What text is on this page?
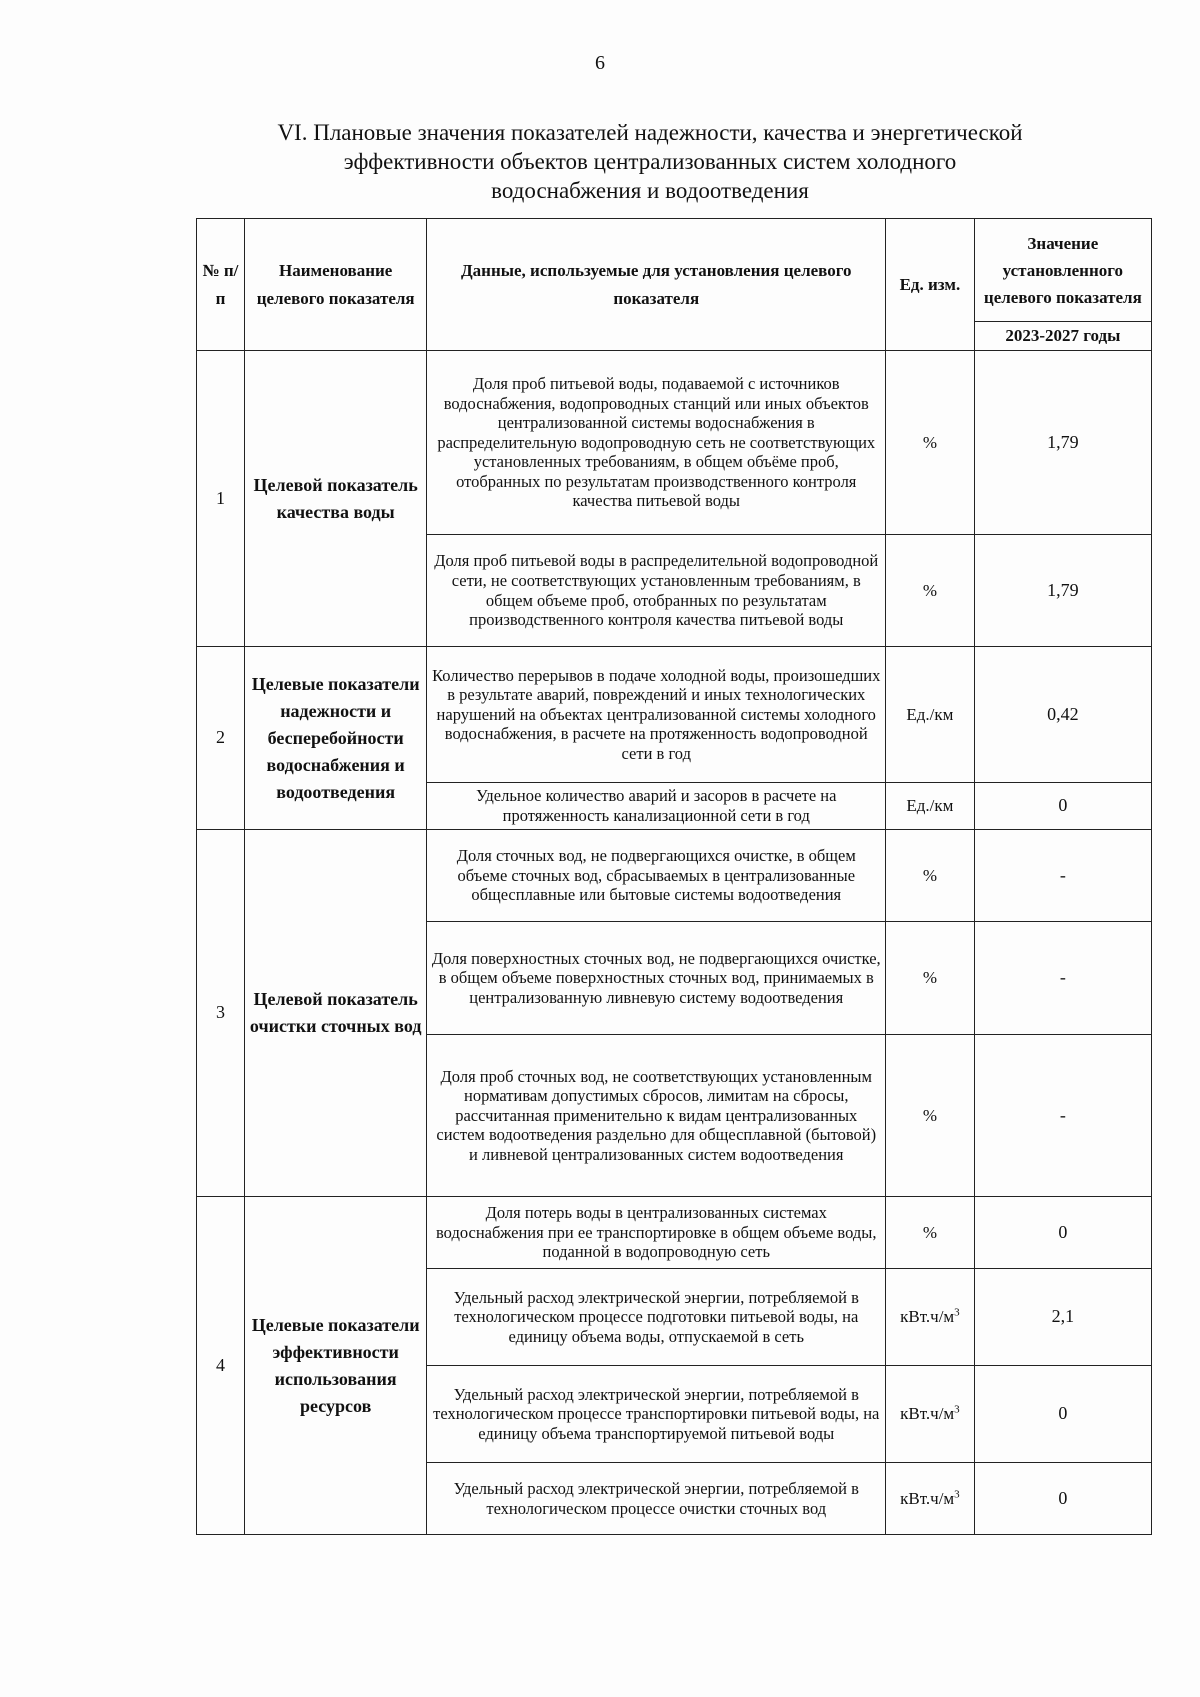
6
VI. Плановые значения показателей надежности, качества и энергетической
эффективности объектов централизованных систем холодного
водоснабжения и водоотведения
№ п/п	Наименование целевого показателя	Данные, используемые для установления целевого показателя	Ед. изм.	Значение установленного целевого показателя
				2023-2027 годы
1	Целевой показатель качества воды	Доля проб питьевой воды, подаваемой с источников водоснабжения, водопроводных станций или иных объектов централизованной системы водоснабжения в распределительную водопроводную сеть не соответствующих установленных требованиям, в общем объёме проб, отобранных по результатам производственного контроля качества питьевой воды	%	1,79
		Доля проб питьевой воды в распределительной водопроводной сети, не соответствующих установленным требованиям, в общем объеме проб, отобранных по результатам производственного контроля качества питьевой воды	%	1,79
2	Целевые показатели надежности и бесперебойности водоснабжения и водоотведения	Количество перерывов в подаче холодной воды, произошедших в результате аварий, повреждений и иных технологических нарушений на объектах централизованной системы холодного водоснабжения, в расчете на протяженность водопроводной сети в год	Ед./км	0,42
		Удельное количество аварий и засоров в расчете на протяженность канализационной сети в год	Ед./км	0
3	Целевой показатель очистки сточных вод	Доля сточных вод, не подвергающихся очистке, в общем объеме сточных вод, сбрасываемых в централизованные общесплавные или бытовые системы водоотведения	%	-
		Доля поверхностных сточных вод, не подвергающихся очистке, в общем объеме поверхностных сточных вод, принимаемых в централизованную ливневую систему водоотведения	%	-
		Доля проб сточных вод, не соответствующих установленным нормативам допустимых сбросов, лимитам на сбросы, рассчитанная применительно к видам централизованных систем водоотведения раздельно для общесплавной (бытовой) и ливневой централизованных систем водоотведения	%	-
4	Целевые показатели эффективности использования ресурсов	Доля потерь воды в централизованных системах водоснабжения при ее транспортировке в общем объеме воды, поданной в водопроводную сеть	%	0
		Удельный расход электрической энергии, потребляемой в технологическом процессе подготовки питьевой воды, на единицу объема воды, отпускаемой в сеть	$кВт.ч/м^3$	2,1
		Удельный расход электрической энергии, потребляемой в технологическом процессе транспортировки питьевой воды, на единицу объема транспортируемой питьевой воды	$кВт.ч/м^3$	0
		Удельный расход электрической энергии, потребляемой в технологическом процессе очистки сточных вод	$кВт.ч/м^3$	0
